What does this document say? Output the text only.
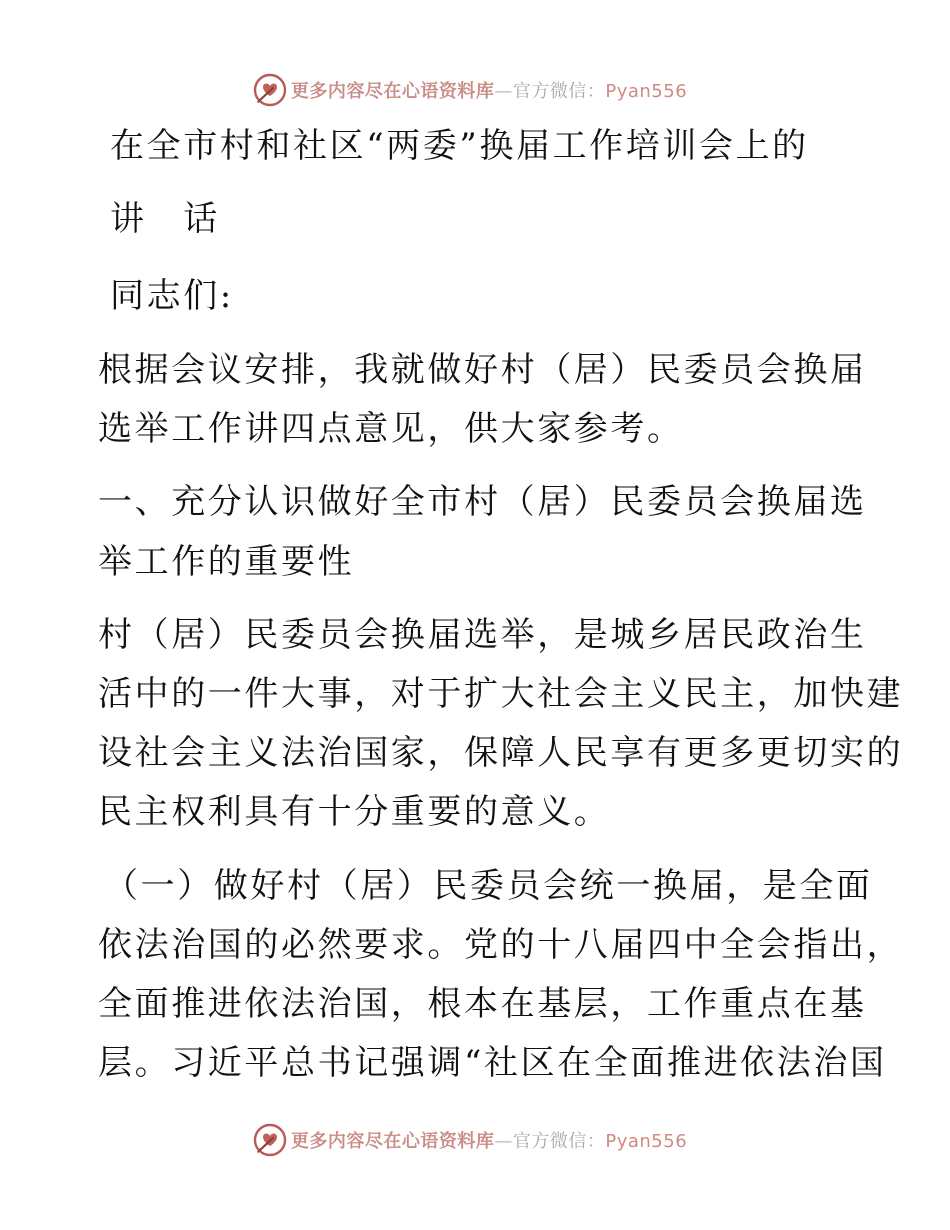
更多内容尽在心语资料库—官方微信：Pyan556
在全市村和社区“两委”换届工作培训会上的
讲　话
同志们:
根据会议安排，我就做好村（居）民委员会换届
选举工作讲四点意见，供大家参考。
一、充分认识做好全市村（居）民委员会换届选
举工作的重要性
村（居）民委员会换届选举，是城乡居民政治生
活中的一件大事，对于扩大社会主义民主，加快建
设社会主义法治国家，保障人民享有更多更切实的
民主权利具有十分重要的意义。
（一）做好村（居）民委员会统一换届，是全面
依法治国的必然要求。党的十八届四中全会指出，
全面推进依法治国，根本在基层，工作重点在基
层。习近平总书记强调“社区在全面推进依法治国
更多内容尽在心语资料库—官方微信：Pyan556
